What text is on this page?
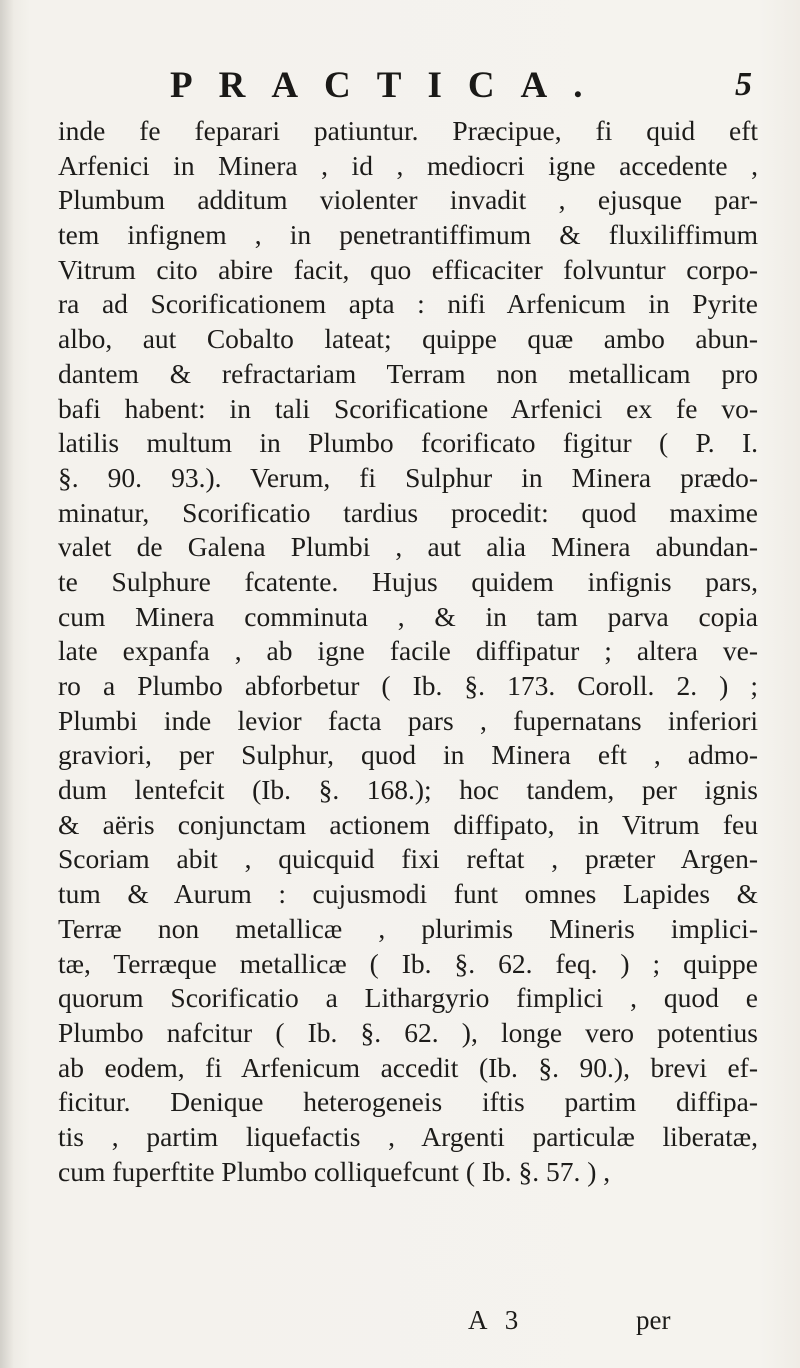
PRACTICA.	5
inde fe feparari patiuntur. Præcipue, fi quid eft
Arfenici in Minera , id , mediocri igne accedente ,
Plumbum additum violenter invadit , ejusque par-
tem infignem , in penetrantiffimum & fluxiliffimum
Vitrum cito abire facit, quo efficaciter folvuntur corpo-
ra ad Scorificationem apta : nifi Arfenicum in Pyrite
albo, aut Cobalto lateat; quippe quæ ambo abun-
dantem & refractariam Terram non metallicam pro
bafi habent: in tali Scorificatione Arfenici ex fe vo-
latilis multum in Plumbo fcorificato figitur ( P. I.
§. 90. 93.). Verum, fi Sulphur in Minera prædo-
minatur, Scorificatio tardius procedit: quod maxime
valet de Galena Plumbi , aut alia Minera abundan-
te Sulphure fcatente. Hujus quidem infignis pars,
cum Minera comminuta , & in tam parva copia
late expanfa , ab igne facile diffipatur ; altera ve-
ro a Plumbo abforbetur ( Ib. §. 173. Coroll. 2. ) ;
Plumbi inde levior facta pars , fupernatans inferiori
graviori, per Sulphur, quod in Minera eft , admo-
dum lentefcit (Ib. §. 168.); hoc tandem, per ignis
& aëris conjunctam actionem diffipato, in Vitrum feu
Scoriam abit , quicquid fixi reftat , præter Argen-
tum & Aurum : cujusmodi funt omnes Lapides &
Terræ non metallicæ , plurimis Mineris implici-
tæ, Terræque metallicæ ( Ib. §. 62. feq. ) ; quippe
quorum Scorificatio a Lithargyrio fimplici , quod e
Plumbo nafcitur ( Ib. §. 62. ), longe vero potentius
ab eodem, fi Arfenicum accedit (Ib. §. 90.), brevi ef-
ficitur. Denique heterogeneis iftis partim diffipa-
tis , partim liquefactis , Argenti particulæ liberatæ,
cum fuperftite Plumbo colliquefcunt ( Ib. §. 57. ) ,
A 3	per
